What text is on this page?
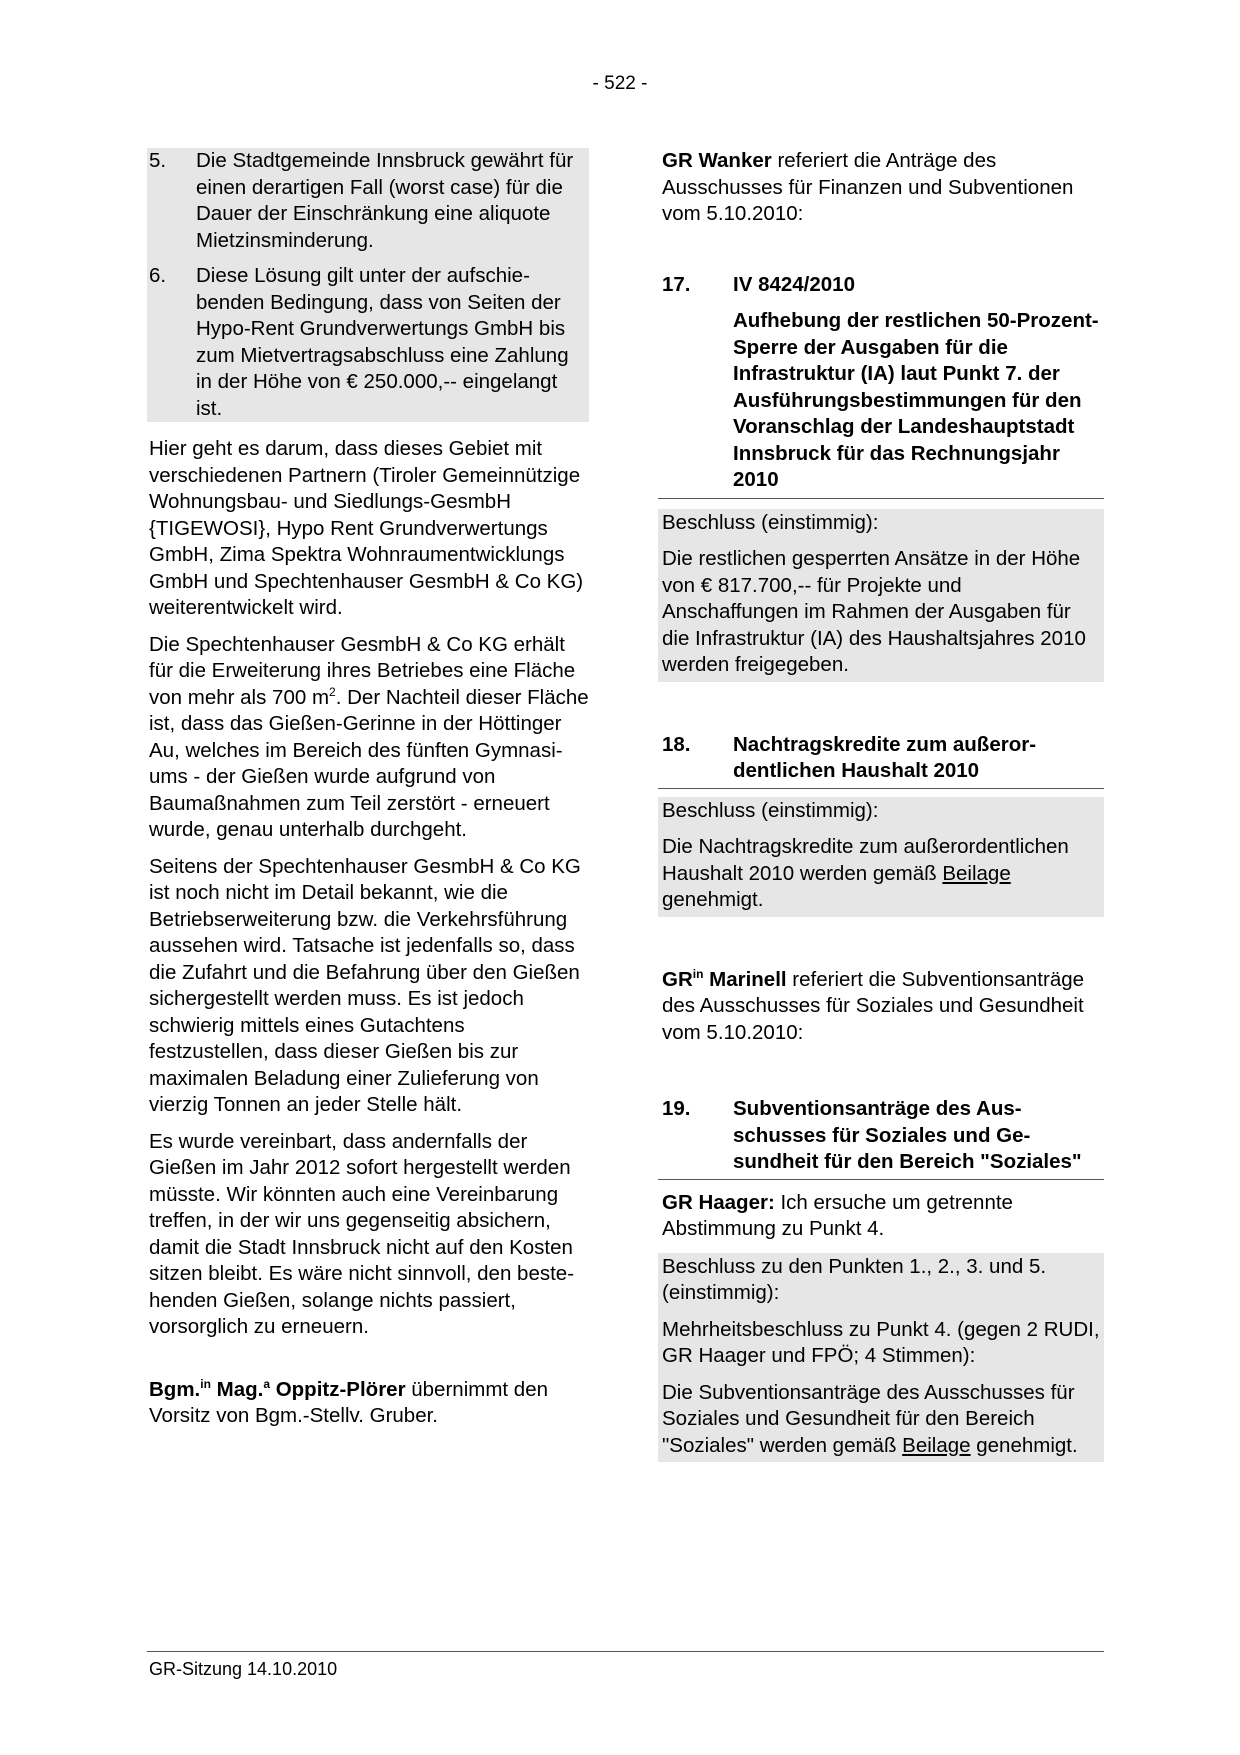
- 522 -
5. Die Stadtgemeinde Innsbruck gewährt für einen derartigen Fall (worst case) für die Dauer der Einschränkung eine aliquote Mietzinsminderung.
6. Diese Lösung gilt unter der aufschiebenden Bedingung, dass von Seiten der Hypo-Rent Grundverwertungs GmbH bis zum Mietvertragsabschluss eine Zahlung in der Höhe von € 250.000,-- eingelangt ist.

Hier geht es darum, dass dieses Gebiet mit verschiedenen Partnern (Tiroler Gemeinnützige Wohnungsbau- und Siedlungs-GesmbH {TIGEWOSI}, Hypo Rent Grundverwertungs GmbH, Zima Spektra Wohnraumentwicklungs GmbH und Spechtenhauser GesmbH & Co KG) weiterentwickelt wird.

Die Spechtenhauser GesmbH & Co KG erhält für die Erweiterung ihres Betriebes eine Fläche von mehr als 700 $m^2$. Der Nachteil dieser Fläche ist, dass das Gießen-Gerinne in der Höttinger Au, welches im Bereich des fünften Gymnasiums - der Gießen wurde aufgrund von Baumaßnahmen zum Teil zerstört - erneuert wurde, genau unterhalb durchgeht.

Seitens der Spechtenhauser GesmbH & Co KG ist noch nicht im Detail bekannt, wie die Betriebserweiterung bzw. die Verkehrsführung aussehen wird. Tatsache ist jedenfalls so, dass die Zufahrt und die Befahrung über den Gießen sichergestellt werden muss. Es ist jedoch schwierig mittels eines Gutachtens festzustellen, dass dieser Gießen bis zur maximalen Beladung einer Zulieferung von vierzig Tonnen an jeder Stelle hält.

Es wurde vereinbart, dass andernfalls der Gießen im Jahr 2012 sofort hergestellt werden müsste. Wir könnten auch eine Vereinbarung treffen, in der wir uns gegenseitig absichern, damit die Stadt Innsbruck nicht auf den Kosten sitzen bleibt. Es wäre nicht sinnvoll, den bestehenden Gießen, solange nichts passiert, vorsorglich zu erneuern.

Bgm.$^{in}$ Mag.$^a$ Oppitz-Plörer übernimmt den Vorsitz von Bgm.-Stellv. Gruber.

GR Wanker referiert die Anträge des Ausschusses für Finanzen und Subventionen vom 5.10.2010:

17.	IV 8424/2010
Aufhebung der restlichen 50-Prozent-Sperre der Ausgaben für die Infrastruktur (IA) laut Punkt 7. der Ausführungsbestimmungen für den Voranschlag der Landeshauptstadt Innsbruck für das Rechnungsjahr 2010

Beschluss (einstimmig):

Die restlichen gesperrten Ansätze in der Höhe von € 817.700,-- für Projekte und Anschaffungen im Rahmen der Ausgaben für die Infrastruktur (IA) des Haushaltsjahres 2010 werden freigegeben.

18.	Nachtragskredite zum außerordentlichen Haushalt 2010

Beschluss (einstimmig):

Die Nachtragskredite zum außerordentlichen Haushalt 2010 werden gemäß Beilage genehmigt.

$GR^{in}$ Marinell referiert die Subventionsanträge des Ausschusses für Soziales und Gesundheit vom 5.10.2010:

19.	Subventionsanträge des Ausschusses für Soziales und Gesundheit für den Bereich "Soziales"

GR Haager: Ich ersuche um getrennte Abstimmung zu Punkt 4.

Beschluss zu den Punkten 1., 2., 3. und 5. (einstimmig):

Mehrheitsbeschluss zu Punkt 4. (gegen 2 RUDI, GR Haager und FPÖ; 4 Stimmen):

Die Subventionsanträge des Ausschusses für Soziales und Gesundheit für den Bereich "Soziales" werden gemäß Beilage genehmigt.

GR-Sitzung 14.10.2010
